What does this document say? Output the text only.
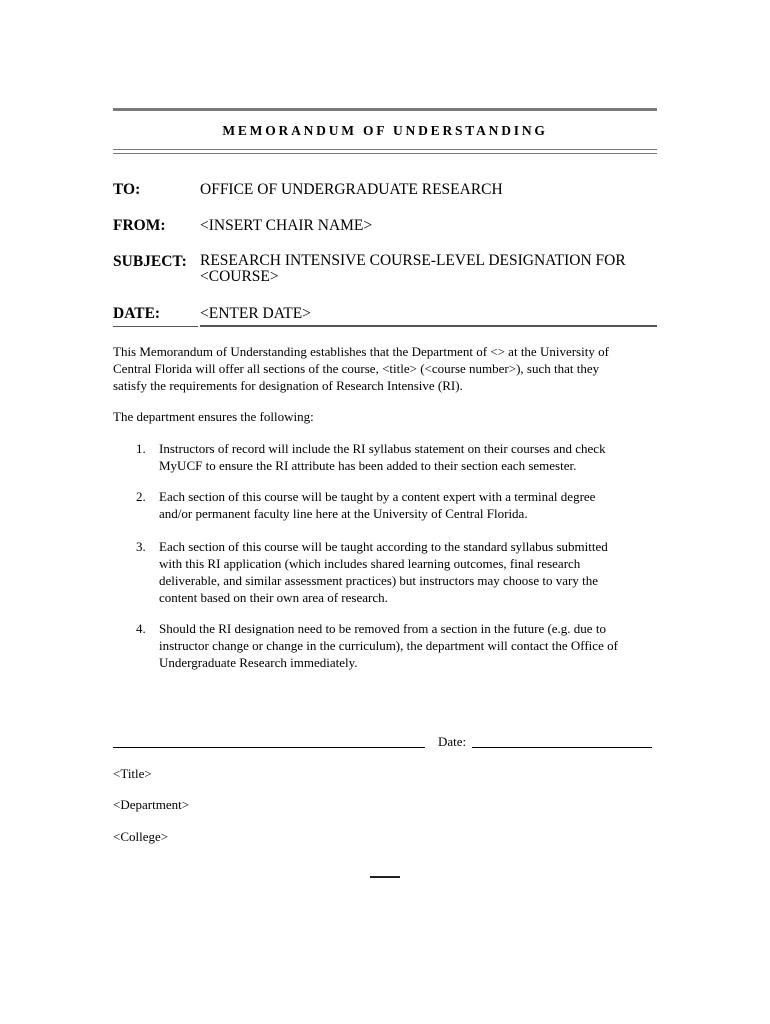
MEMORANDUM OF UNDERSTANDING
TO:	OFFICE OF UNDERGRADUATE RESEARCH
FROM: <INSERT CHAIR NAME>
SUBJECT: RESEARCH INTENSIVE COURSE-LEVEL DESIGNATION FOR
<COURSE>
DATE:	<ENTER DATE>
This Memorandum of Understanding establishes that the Department of <> at the University of
Central Florida will offer all sections of the course, <title> (<course number>), such that they
satisfy the requirements for designation of Research Intensive (RI).
The department ensures the following:
1. Instructors of record will include the RI syllabus statement on their courses and check
MyUCF to ensure the RI attribute has been added to their section each semester.
2. Each section of this course will be taught by a content expert with a terminal degree
and/or permanent faculty line here at the University of Central Florida.
3. Each section of this course will be taught according to the standard syllabus submitted
with this RI application (which includes shared learning outcomes, final research
deliverable, and similar assessment practices) but instructors may choose to vary the
content based on their own area of research.
4. Should the RI designation need to be removed from a section in the future (e.g. due to
instructor change or change in the curriculum), the department will contact the Office of
Undergraduate Research immediately.
Date:
<Title>
<Department>
<College>
